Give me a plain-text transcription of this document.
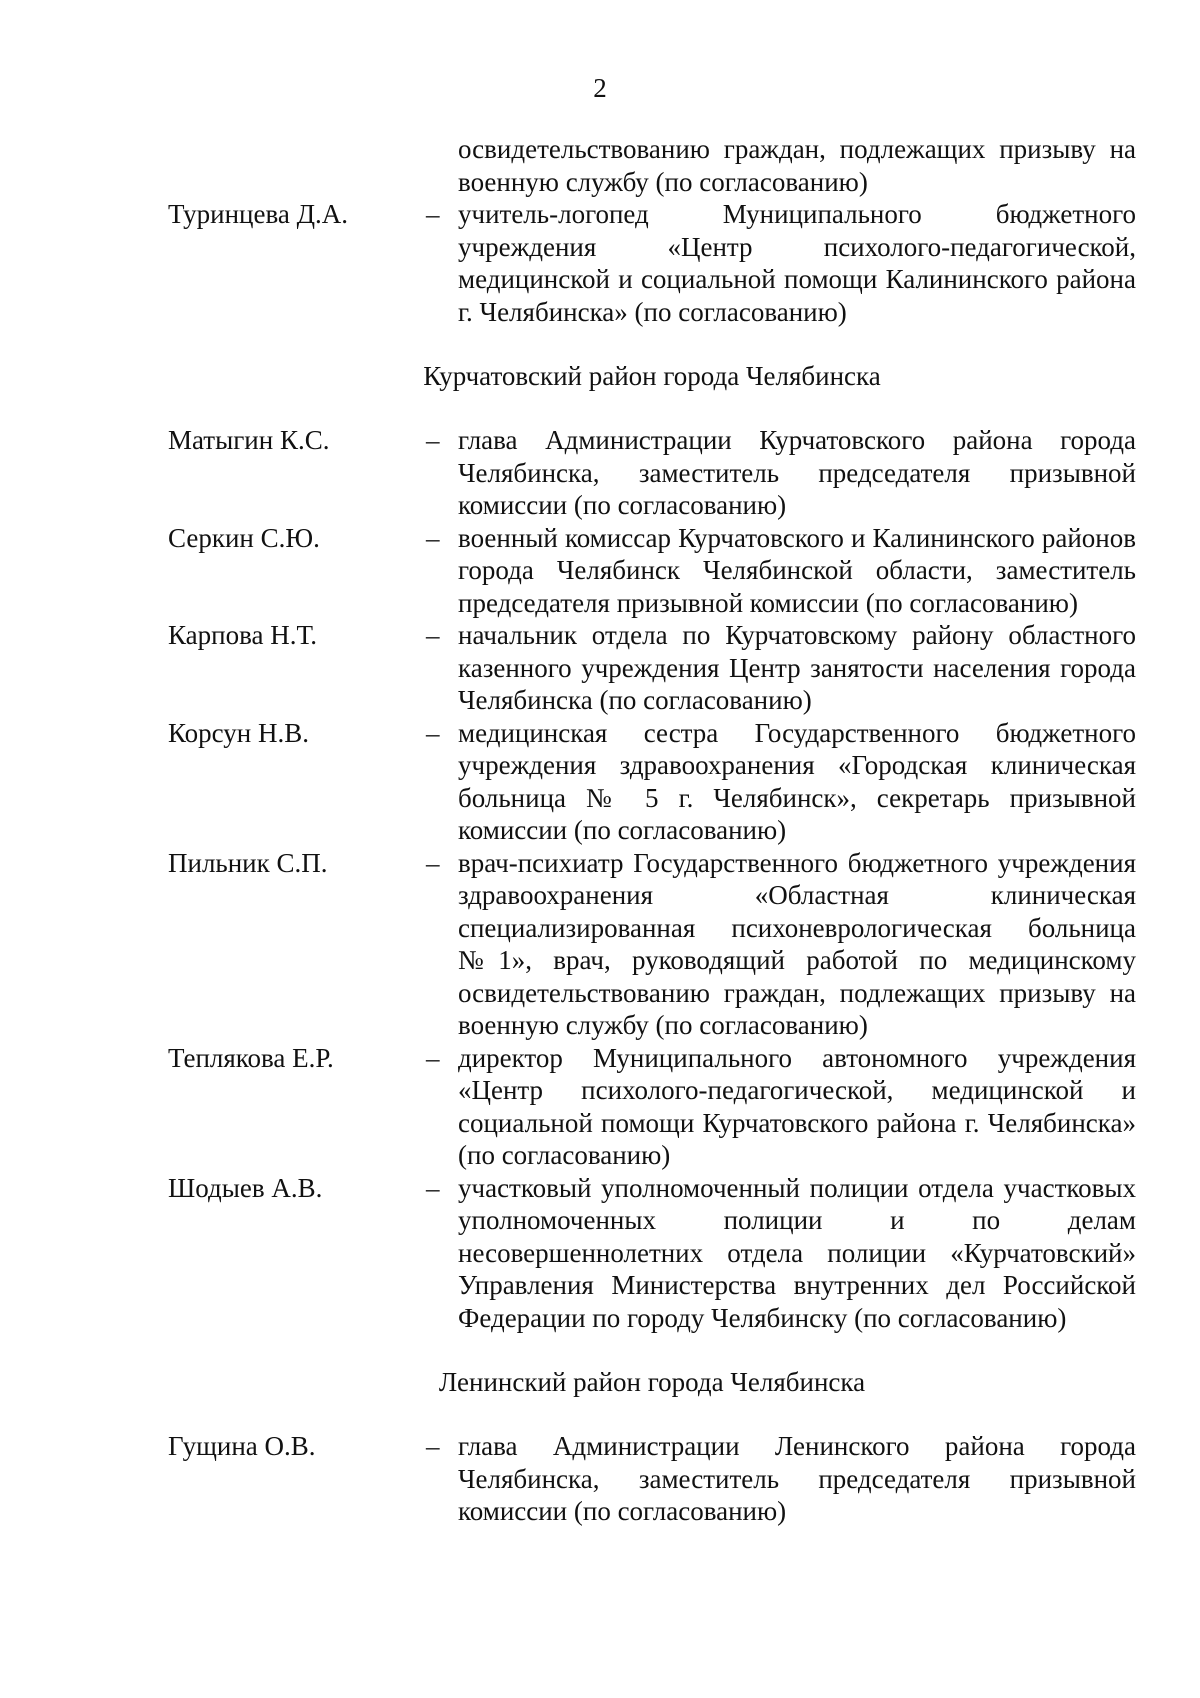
2
освидетельствованию граждан, подлежащих призыву на военную службу (по согласованию)
Туринцева Д.А.	– учитель-логопед Муниципального бюджетного учреждения «Центр психолого-педагогической, медицинской и социальной помощи Калининского района г. Челябинска» (по согласованию)
Курчатовский район города Челябинска
Матыгин К.С.	– глава Администрации Курчатовского района города Челябинска, заместитель председателя призывной комиссии (по согласованию)
Серкин С.Ю.	– военный комиссар Курчатовского и Калининского районов города Челябинск Челябинской области, заместитель председателя призывной комиссии (по согласованию)
Карпова Н.Т.	– начальник отдела по Курчатовскому району областного казенного учреждения Центр занятости населения города Челябинска (по согласованию)
Корсун Н.В.	– медицинская сестра Государственного бюджетного учреждения здравоохранения «Городская клиническая больница № 5 г. Челябинск», секретарь призывной комиссии (по согласованию)
Пильник С.П.	– врач-психиатр Государственного бюджетного учреждения здравоохранения «Областная клиническая специализированная психоневрологическая больница №1», врач, руководящий работой по медицинскому освидетельствованию граждан, подлежащих призыву на военную службу (по согласованию)
Теплякова Е.Р.	– директор Муниципального автономного учреждения «Центр психолого-педагогической, медицинской и социальной помощи Курчатовского района г. Челябинска» (по согласованию)
Шодыев А.В.	– участковый уполномоченный полиции отдела участковых уполномоченных полиции и по делам несовершеннолетних отдела полиции «Курчатовский» Управления Министерства внутренних дел Российской Федерации по городу Челябинску (по согласованию)
Ленинский район города Челябинска
Гущина О.В.	– глава Администрации Ленинского района города Челябинска, заместитель председателя призывной комиссии (по согласованию)
